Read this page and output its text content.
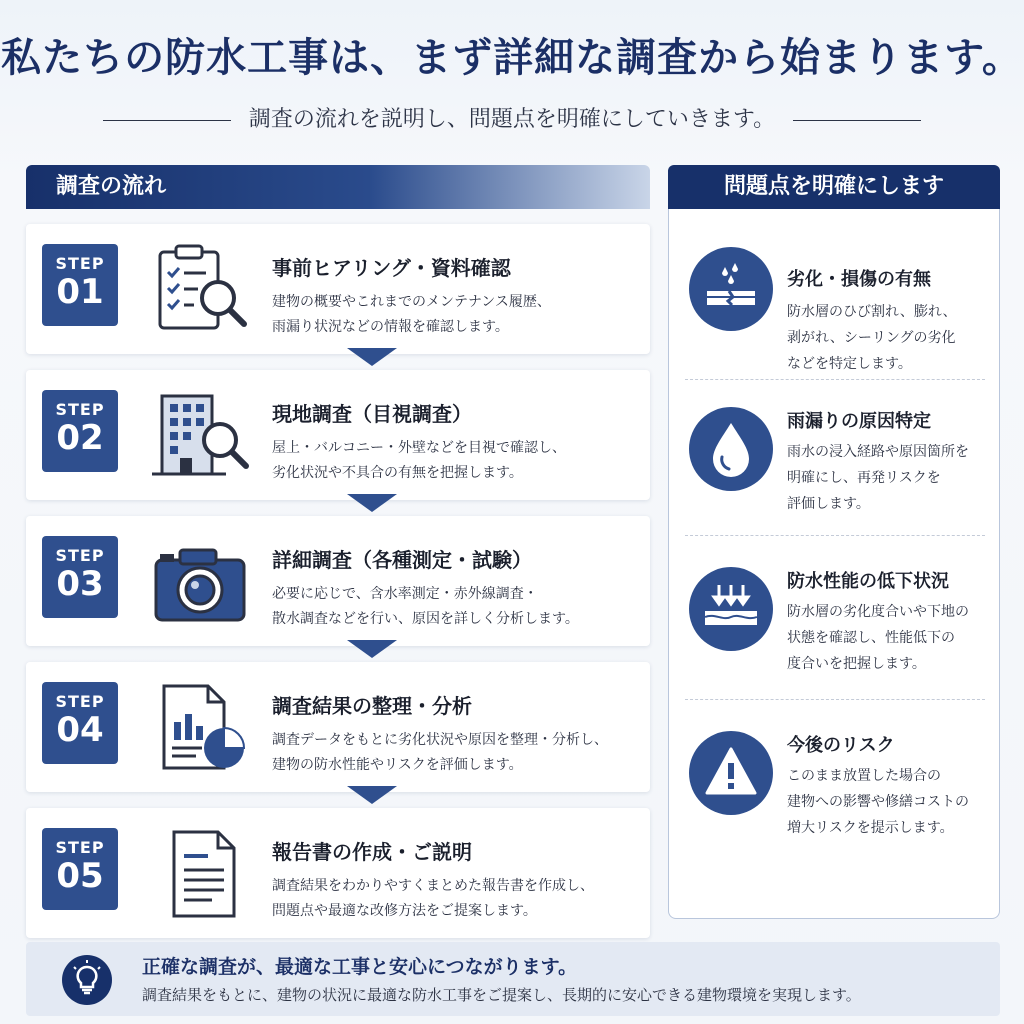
私たちの防水工事は、まず詳細な調査から始まります。
調査の流れを説明し、問題点を明確にしていきます。
調査の流れ
STEP
01
事前ヒアリング・資料確認
建物の概要やこれまでのメンテナンス履歴、
雨漏り状況などの情報を確認します。
STEP
02
現地調査（目視調査）
屋上・バルコニー・外壁などを目視で確認し、
劣化状況や不具合の有無を把握します。
STEP
03
詳細調査（各種測定・試験）
必要に応じで、含水率測定・赤外線調査・
散水調査などを行い、原因を詳しく分析します。
STEP
04
調査結果の整理・分析
調査データをもとに劣化状況や原因を整理・分析し、
建物の防水性能やリスクを評価します。
STEP
05
報告書の作成・ご説明
調査結果をわかりやすくまとめた報告書を作成し、
問題点や最適な改修方法をご提案します。
問題点を明確にします
劣化・損傷の有無
防水層のひび割れ、膨れ、
剥がれ、シーリングの劣化
などを特定します。
雨漏りの原因特定
雨水の浸入経路や原因箇所を
明確にし、再発リスクを
評価します。
防水性能の低下状況
防水層の劣化度合いや下地の
状態を確認し、性能低下の
度合いを把握します。
今後のリスク
このまま放置した場合の
建物への影響や修繕コストの
増大リスクを提示します。
正確な調査が、最適な工事と安心につながります。
調査結果をもとに、建物の状況に最適な防水工事をご提案し、長期的に安心できる建物環境を実現します。
